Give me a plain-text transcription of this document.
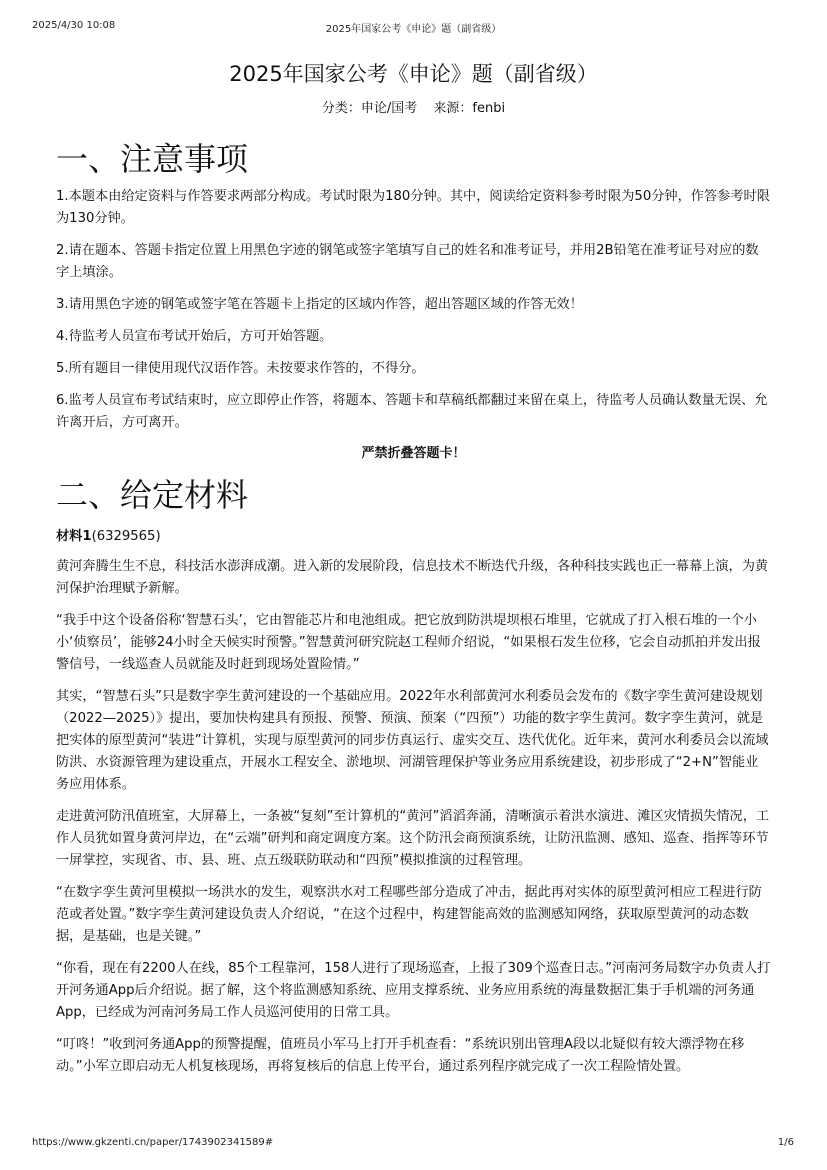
2025/4/30 10:08	2025年国家公考《申论》题（副省级）
2025年国家公考《申论》题（副省级）
分类：申论/国考 来源：fenbi
一、注意事项

1.本题本由给定资料与作答要求两部分构成。考试时限为180分钟。其中，阅读给定资料参考时限为50分钟，作答参考时限为130分钟。

2.请在题本、答题卡指定位置上用黑色字迹的钢笔或签字笔填写自己的姓名和准考证号，并用2B铅笔在准考证号对应的数字上填涂。

3.请用黑色字迹的钢笔或签字笔在答题卡上指定的区域内作答，超出答题区域的作答无效！

4.待监考人员宣布考试开始后，方可开始答题。

5.所有题目一律使用现代汉语作答。未按要求作答的，不得分。

6.监考人员宣布考试结束时，应立即停止作答，将题本、答题卡和草稿纸都翻过来留在桌上，待监考人员确认数量无误、允许离开后，方可离开。

严禁折叠答题卡！

二、给定材料

材料1(6329565)

黄河奔腾生生不息，科技活水澎湃成潮。进入新的发展阶段，信息技术不断迭代升级，各种科技实践也正一幕幕上演，为黄河保护治理赋予新解。

“我手中这个设备俗称‘智慧石头’，它由智能芯片和电池组成。把它放到防洪堤坝根石堆里，它就成了打入根石堆的一个小小‘侦察员’，能够24小时全天候实时预警。”智慧黄河研究院赵工程师介绍说，“如果根石发生位移，它会自动抓拍并发出报警信号，一线巡查人员就能及时赶到现场处置险情。”

其实，“智慧石头”只是数字孪生黄河建设的一个基础应用。2022年水利部黄河水利委员会发布的《数字孪生黄河建设规划（2022—2025）》提出，要加快构建具有预报、预警、预演、预案（“四预”）功能的数字孪生黄河。数字孪生黄河，就是把实体的原型黄河“装进”计算机，实现与原型黄河的同步仿真运行、虚实交互、迭代优化。近年来，黄河水利委员会以流域防洪、水资源管理为建设重点，开展水工程安全、淤地坝、河湖管理保护等业务应用系统建设，初步形成了“2+N”智能业务应用体系。

走进黄河防汛值班室，大屏幕上，一条被“复刻”至计算机的“黄河”滔滔奔涌，清晰演示着洪水演进、滩区灾情损失情况，工作人员犹如置身黄河岸边，在“云端”研判和商定调度方案。这个防汛会商预演系统，让防汛监测、感知、巡查、指挥等环节一屏掌控，实现省、市、县、班、点五级联防联动和“四预”模拟推演的过程管理。

“在数字孪生黄河里模拟一场洪水的发生，观察洪水对工程哪些部分造成了冲击，据此再对实体的原型黄河相应工程进行防范或者处置。”数字孪生黄河建设负责人介绍说，“在这个过程中，构建智能高效的监测感知网络，获取原型黄河的动态数据，是基础，也是关键。”

“你看，现在有2200人在线，85个工程靠河，158人进行了现场巡查，上报了309个巡查日志。”河南河务局数字办负责人打开河务通App后介绍说。据了解，这个将监测感知系统、应用支撑系统、业务应用系统的海量数据汇集于手机端的河务通App，已经成为河南河务局工作人员巡河使用的日常工具。

“叮咚！”收到河务通App的预警提醒，值班员小军马上打开手机查看：“系统识别出管理A段以北疑似有较大漂浮物在移动。”小军立即启动无人机复核现场，再将复核后的信息上传平台，通过系列程序就完成了一次工程险情处置。

https://www.gkzenti.cn/paper/1743902341589#	1/6
